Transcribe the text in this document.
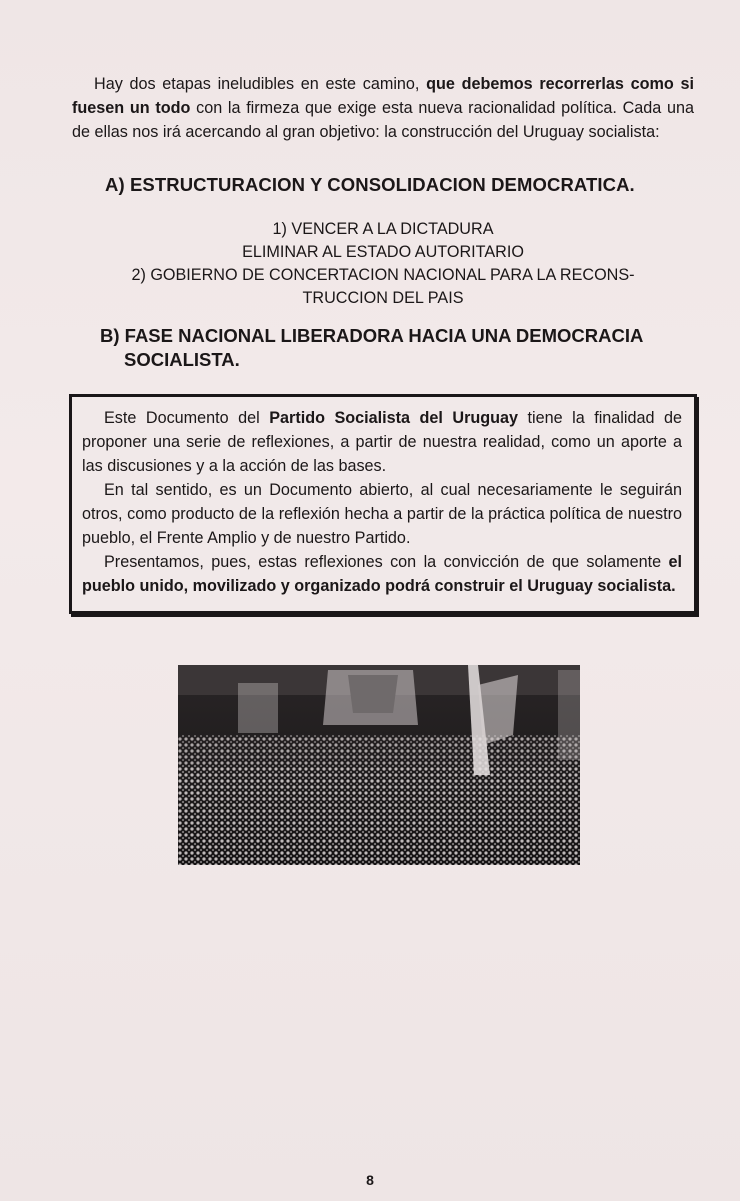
Hay dos etapas ineludibles en este camino, que debemos recorrerlas como si fuesen un todo con la firmeza que exige esta nueva racionalidad política. Cada una de ellas nos irá acercando al gran objetivo: la construcción del Uruguay socialista:
A) ESTRUCTURACION Y CONSOLIDACION DEMOCRATICA.
1) VENCER A LA DICTADURA
ELIMINAR AL ESTADO AUTORITARIO
2) GOBIERNO DE CONCERTACION NACIONAL PARA LA RECONS-
TRUCCION DEL PAIS
B) FASE NACIONAL LIBERADORA HACIA UNA DEMOCRACIA
SOCIALISTA.

Este Documento del Partido Socialista del Uruguay tiene la finalidad de proponer una serie de reflexiones, a partir de nuestra realidad, como un aporte a las discusiones y a la acción de las bases.

En tal sentido, es un Documento abierto, al cual necesariamente le seguirán otros, como producto de la reflexión hecha a partir de la práctica política de nuestro pueblo, el Frente Amplio y de nuestro Partido.

Presentamos, pues, estas reflexiones con la convicción de que solamente el pueblo unido, movilizado y organizado podrá construir el Uruguay socialista.

8
